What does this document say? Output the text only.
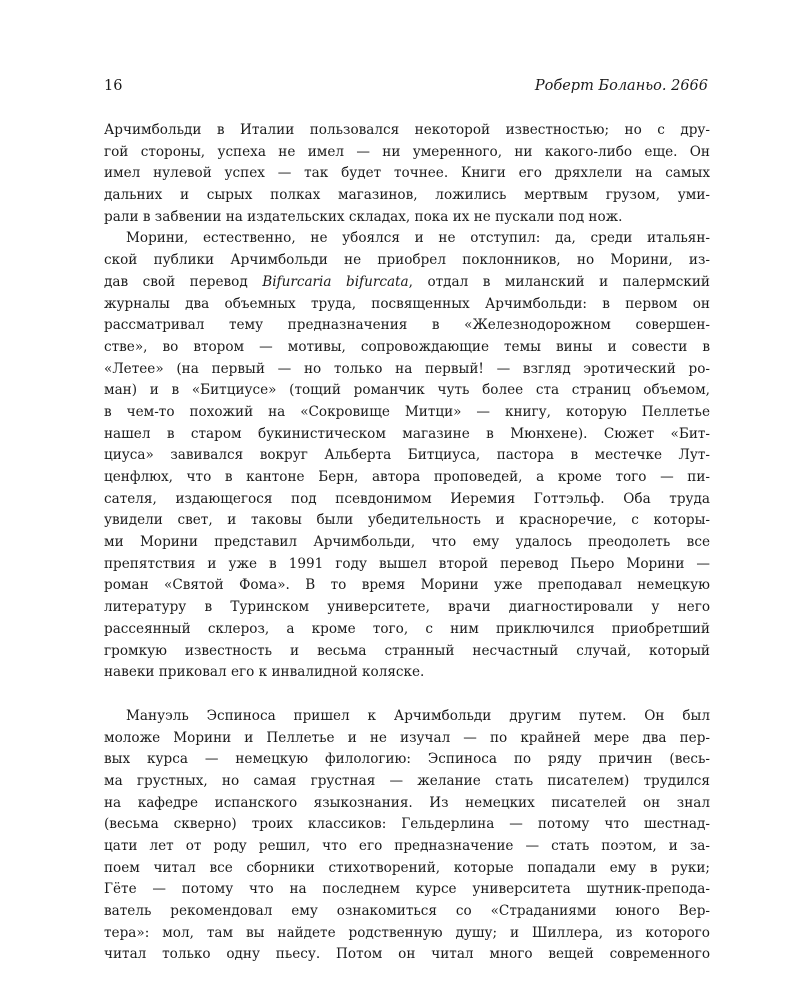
16	Роберт Боланьо. 2666
Арчимбольди в Италии пользовался некоторой известностью; но с дру-
гой стороны, успеха не имел — ни умеренного, ни какого-либо еще. Он
имел нулевой успех — так будет точнее. Книги его дряхлели на самых
дальних и сырых полках магазинов, ложились мертвым грузом, уми-
рали в забвении на издательских складах, пока их не пускали под нож.
Морини, естественно, не убоялся и не отступил: да, среди итальян-
ской публики Арчимбольди не приобрел поклонников, но Морини, из-
дав свой перевод Bifurcaria bifurcata, отдал в миланский и палермский
журналы два объемных труда, посвященных Арчимбольди: в первом он
рассматривал тему предназначения в «Железнодорожном совершен-
стве», во втором — мотивы, сопровождающие темы вины и совести в
«Летее» (на первый — но только на первый! — взгляд эротический ро-
ман) и в «Битциусе» (тощий романчик чуть более ста страниц объемом,
в чем-то похожий на «Сокровище Митци» — книгу, которую Пеллетье
нашел в старом букинистическом магазине в Мюнхене). Сюжет «Бит-
циуса» завивался вокруг Альберта Битциуса, пастора в местечке Лут-
ценфлюх, что в кантоне Берн, автора проповедей, а кроме того — пи-
сателя, издающегося под псевдонимом Иеремия Готтэльф. Оба труда
увидели свет, и таковы были убедительность и красноречие, с которы-
ми Морини представил Арчимбольди, что ему удалось преодолеть все
препятствия и уже в 1991 году вышел второй перевод Пьеро Морини —
роман «Святой Фома». В то время Морини уже преподавал немецкую
литературу в Туринском университете, врачи диагностировали у него
рассеянный склероз, а кроме того, с ним приключился приобретший
громкую известность и весьма странный несчастный случай, который
навеки приковал его к инвалидной коляске.
Мануэль Эспиноса пришел к Арчимбольди другим путем. Он был
моложе Морини и Пеллетье и не изучал — по крайней мере два пер-
вых курса — немецкую филологию: Эспиноса по ряду причин (весь-
ма грустных, но самая грустная — желание стать писателем) трудился
на кафедре испанского языкознания. Из немецких писателей он знал
(весьма скверно) троих классиков: Гельдерлина — потому что шестнад-
цати лет от роду решил, что его предназначение — стать поэтом, и за-
поем читал все сборники стихотворений, которые попадали ему в руки;
Гёте — потому что на последнем курсе университета шутник-препода-
ватель рекомендовал ему ознакомиться со «Страданиями юного Вер-
тера»: мол, там вы найдете родственную душу; и Шиллера, из которого
читал только одну пьесу. Потом он читал много вещей современного
